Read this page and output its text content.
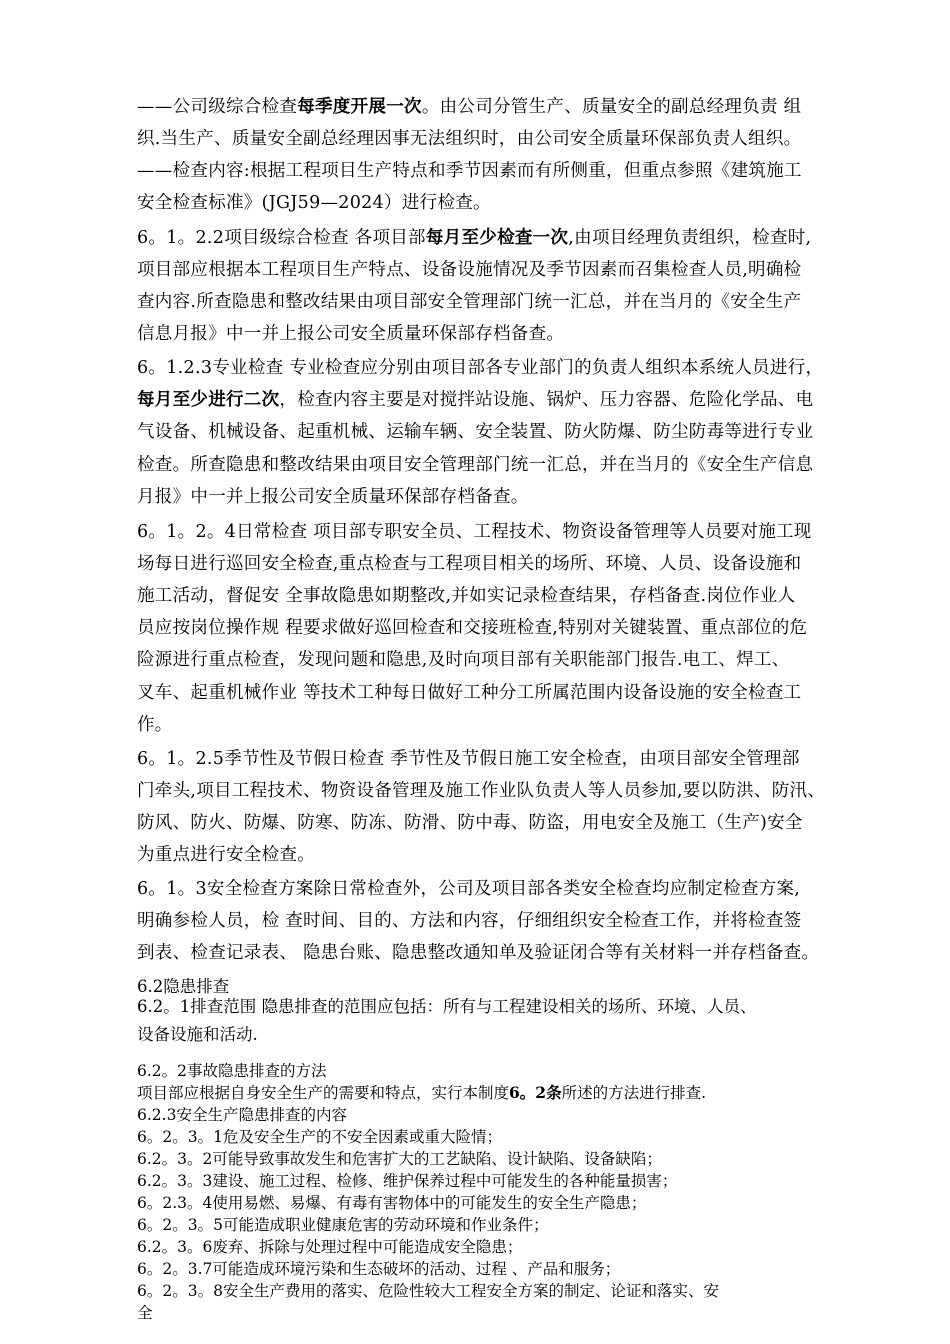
——公司级综合检查每季度开展一次。由公司分管生产、质量安全的副总经理负责 组

织.当生产、质量安全副总经理因事无法组织时，由公司安全质量环保部负责人组织。

——检查内容:根据工程项目生产特点和季节因素而有所侧重，但重点参照《建筑施工

安全检查标准》(JGJ59—2024）进行检查。

6。1。2.2项目级综合检查 各项目部每月至少检查一次,由项目经理负责组织，检查时,

项目部应根据本工程项目生产特点、设备设施情况及季节因素而召集检查人员,明确检

查内容.所查隐患和整改结果由项目部安全管理部门统一汇总，并在当月的《安全生产

信息月报》中一并上报公司安全质量环保部存档备查。

6。1.2.3专业检查 专业检查应分别由项目部各专业部门的负责人组织本系统人员进行，

每月至少进行二次，检查内容主要是对搅拌站设施、锅炉、压力容器、危险化学品、电

气设备、机械设备、起重机械、运输车辆、安全装置、防火防爆、防尘防毒等进行专业

检查。所查隐患和整改结果由项目安全管理部门统一汇总，并在当月的《安全生产信息

月报》中一并上报公司安全质量环保部存档备查。

6。1。2。4日常检查 项目部专职安全员、工程技术、物资设备管理等人员要对施工现

场每日进行巡回安全检查,重点检查与工程项目相关的场所、环境、人员、设备设施和

施工活动，督促安 全事故隐患如期整改,并如实记录检查结果，存档备查.岗位作业人

员应按岗位操作规 程要求做好巡回检查和交接班检查,特别对关键装置、重点部位的危

险源进行重点检查，发现问题和隐患,及时向项目部有关职能部门报告.电工、焊工、

叉车、起重机械作业 等技术工种每日做好工种分工所属范围内设备设施的安全检查工

作。

6。1。2.5季节性及节假日检查 季节性及节假日施工安全检查，由项目部安全管理部

门牵头,项目工程技术、物资设备管理及施工作业队负责人等人员参加,要以防洪、防汛、

防风、防火、防爆、防寒、防冻、防滑、防中毒、防盗，用电安全及施工（生产)安全

为重点进行安全检查。

6。1。3安全检查方案除日常检查外，公司及项目部各类安全检查均应制定检查方案,

明确参检人员，检 查时间、目的、方法和内容，仔细组织安全检查工作，并将检查签

到表、检查记录表、 隐患台账、隐患整改通知单及验证闭合等有关材料一并存档备查。

6.2隐患排查

6.2。1排查范围 隐患排查的范围应包括：所有与工程建设相关的场所、环境、人员、

设备设施和活动.

6.2。2事故隐患排查的方法

项目部应根据自身安全生产的需要和特点，实行本制度6。2条所述的方法进行排查.

6.2.3安全生产隐患排查的内容

6。2。3。1危及安全生产的不安全因素或重大险情；

6.2。3。2可能导致事故发生和危害扩大的工艺缺陷、设计缺陷、设备缺陷；

6.2。3。3建设、施工过程、检修、维护保养过程中可能发生的各种能量损害；

6。2.3。4使用易燃、易爆、有毒有害物体中的可能发生的安全生产隐患；

6。2。3。5可能造成职业健康危害的劳动环境和作业条件；

6.2。3。6废弃、拆除与处理过程中可能造成安全隐患；

6。2。3.7可能造成环境污染和生态破坏的活动、过程 、产品和服务；

6。2。3。8安全生产费用的落实、危险性较大工程安全方案的制定、论证和落实、安

全
